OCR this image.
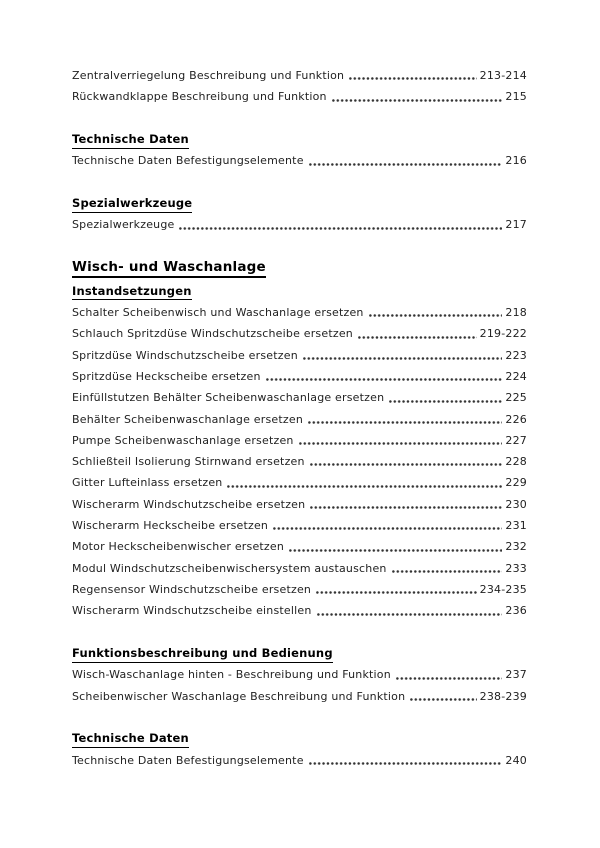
Zentralverriegelung Beschreibung und Funktion	213-214
Rückwandklappe Beschreibung und Funktion	215
Technische Daten
Technische Daten Befestigungselemente	216
Spezialwerkzeuge
Spezialwerkzeuge	217
Wisch- und Waschanlage
Instandsetzungen
Schalter Scheibenwisch und Waschanlage ersetzen	218
Schlauch Spritzdüse Windschutzscheibe ersetzen	219-222
Spritzdüse Windschutzscheibe ersetzen	223
Spritzdüse Heckscheibe ersetzen	224
Einfüllstutzen Behälter Scheibenwaschanlage ersetzen	225
Behälter Scheibenwaschanlage ersetzen	226
Pumpe Scheibenwaschanlage ersetzen	227
Schließteil Isolierung Stirnwand ersetzen	228
Gitter Lufteinlass ersetzen	229
Wischerarm Windschutzscheibe ersetzen	230
Wischerarm Heckscheibe ersetzen	231
Motor Heckscheibenwischer ersetzen	232
Modul Windschutzscheibenwischersystem austauschen	233
Regensensor Windschutzscheibe ersetzen	234-235
Wischerarm Windschutzscheibe einstellen	236
Funktionsbeschreibung und Bedienung
Wisch-Waschanlage hinten - Beschreibung und Funktion	237
Scheibenwischer Waschanlage Beschreibung und Funktion	238-239
Technische Daten
Technische Daten Befestigungselemente	240
